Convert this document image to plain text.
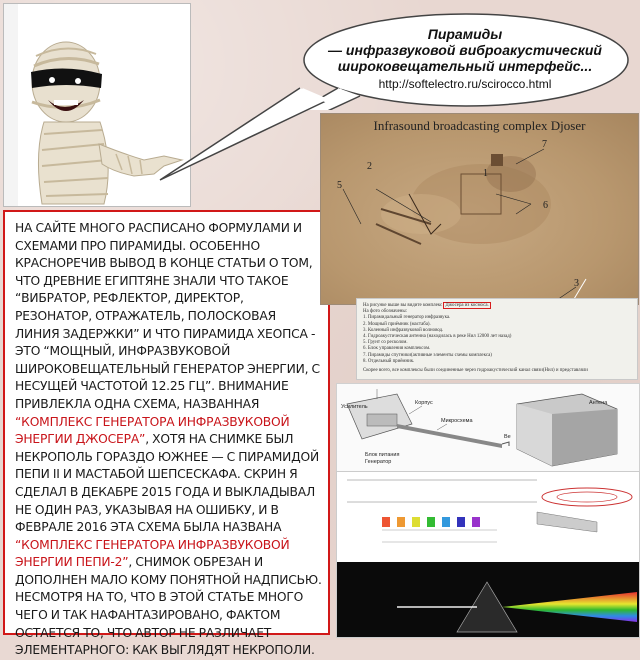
Пирамиды
— инфразвуковой виброакустический
широковещательный интерфейс...
http://softelectro.ru/scirocco.html
НА САЙТЕ МНОГО РАСПИСАНО ФОРМУЛАМИ И СХЕМАМИ ПРО ПИРАМИДЫ. ОСОБЕННО КРАСНОРЕЧИВ ВЫВОД В КОНЦЕ СТАТЬИ О ТОМ, ЧТО ДРЕВНИЕ ЕГИПТЯНЕ ЗНАЛИ ЧТО ТАКОЕ “ВИБРАТОР, РЕФЛЕКТОР, ДИРЕКТОР, РЕЗОНАТОР, ОТРАЖАТЕЛЬ, ПОЛОСКОВАЯ ЛИНИЯ ЗАДЕРЖКИ” И ЧТО ПИРАМИДА ХЕОПСА - ЭТО “МОЩНЫЙ, ИНФРАЗВУКОВОЙ ШИРОКОВЕЩАТЕЛЬНЫЙ ГЕНЕРАТОР ЭНЕРГИИ, С НЕСУЩЕЙ ЧАСТОТОЙ 12.25 ГЦ”. ВНИМАНИЕ ПРИВЛЕКЛА ОДНА СХЕМА, НАЗВАННАЯ “КОМПЛЕКС ГЕНЕРАТОРА ИНФРАЗВУКОВОЙ ЭНЕРГИИ ДЖОСЕРА”, ХОТЯ НА СНИМКЕ БЫЛ НЕКРОПОЛЬ ГОРАЗДО ЮЖНЕЕ — С ПИРАМИДОЙ ПЕПИ II И МАСТАБОЙ ШЕПСЕСКАФА. СКРИН Я СДЕЛАЛ В ДЕКАБРЕ 2015 ГОДА И ВЫКЛАДЫВАЛ НЕ ОДИН РАЗ, УКАЗЫВАЯ НА ОШИБКУ, И В ФЕВРАЛЕ 2016 ЭТА СХЕМА БЫЛА НАЗВАНА “КОМПЛЕКС ГЕНЕРАТОРА ИНФРАЗВУКОВОЙ ЭНЕРГИИ ПЕПИ-2”, СНИМОК ОБРЕЗАН И ДОПОЛНЕН МАЛО КОМУ ПОНЯТНОЙ НАДПИСЬЮ. НЕСМОТРЯ НА ТО, ЧТО В ЭТОЙ СТАТЬЕ МНОГО ЧЕГО И ТАК НАФАНТАЗИРОВАНО, ФАКТОМ ОСТАЕТСЯ ТО, ЧТО АВТОР НЕ РАЗЛИЧАЕТ ЭЛЕМЕНТАРНОГО: КАК ВЫГЛЯДЯТ НЕКРОПОЛИ.
7
2
5
1
6
3
Infrasound broadcasting complex Djoser
На рисунке выше вы видите комплекс Джосера из космоса.
На фото обозначены:
1. Пирамидальный генератор инфразвука.
2. Мощный приёмник (мастаба).
3. Коленный инфразвуковой волновод.
4. Гидроакустическая антенна (находилась в реке Нил 12000 лет назад)
5. Грунт со ресколом.
6. Блок управления комплексом.
7. Пирамиды спутники(активные элементы схемы комплекса)
8. Отдельный приёмник.
Скорее всего, все комплексы были соединенные через гидроакустический канал связи(Нил) и представляли
Усилитель
Корпус
Микросхема
Антена
Блок питания
Генератор
Ве
